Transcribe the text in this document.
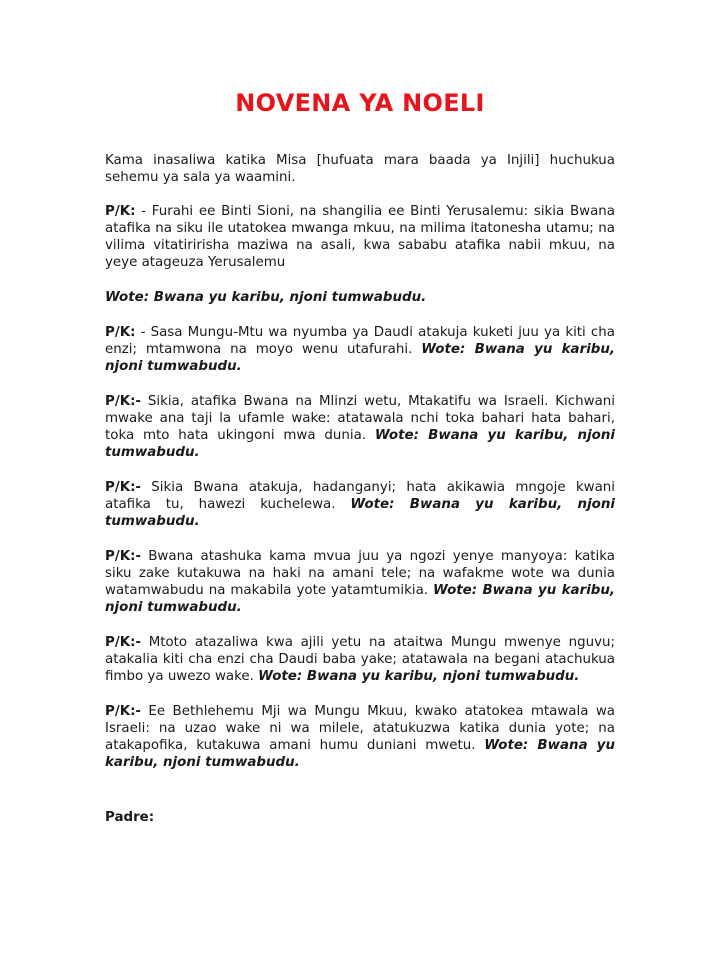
NOVENA YA NOELI

Kama inasaliwa katika Misa [hufuata mara baada ya Injili] huchukua sehemu ya sala ya waamini.

P/K: - Furahi ee Binti Sioni, na shangilia ee Binti Yerusalemu: sikia Bwana atafika na siku ile utatokea mwanga mkuu, na milima itatonesha utamu; na vilima vitatiririsha maziwa na asali, kwa sababu atafika nabii mkuu, na yeye atageuza Yerusalemu

Wote: Bwana yu karibu, njoni tumwabudu.

P/K: - Sasa Mungu-Mtu wa nyumba ya Daudi atakuja kuketi juu ya kiti cha enzi; mtamwona na moyo wenu utafurahi. Wote: Bwana yu karibu, njoni tumwabudu.

P/K:- Sikia, atafika Bwana na Mlinzi wetu, Mtakatifu wa Israeli. Kichwani mwake ana taji la ufamle wake: atatawala nchi toka bahari hata bahari, toka mto hata ukingoni mwa dunia. Wote: Bwana yu karibu, njoni tumwabudu.

P/K:- Sikia Bwana atakuja, hadanganyi; hata akikawia mngoje kwani atafika tu, hawezi kuchelewa. Wote: Bwana yu karibu, njoni tumwabudu.

P/K:- Bwana atashuka kama mvua juu ya ngozi yenye manyoya: katika siku zake kutakuwa na haki na amani tele; na wafakme wote wa dunia watamwabudu na makabila yote yatamtumikia. Wote: Bwana yu karibu, njoni tumwabudu.

P/K:- Mtoto atazaliwa kwa ajili yetu na ataitwa Mungu mwenye nguvu; atakalia kiti cha enzi cha Daudi baba yake; atatawala na begani atachukua fimbo ya uwezo wake. Wote: Bwana yu karibu, njoni tumwabudu.

P/K:- Ee Bethlehemu Mji wa Mungu Mkuu, kwako atatokea mtawala wa Israeli: na uzao wake ni wa milele, atatukuzwa katika dunia yote; na atakapofika, kutakuwa amani humu duniani mwetu. Wote: Bwana yu karibu, njoni tumwabudu.

Padre:
